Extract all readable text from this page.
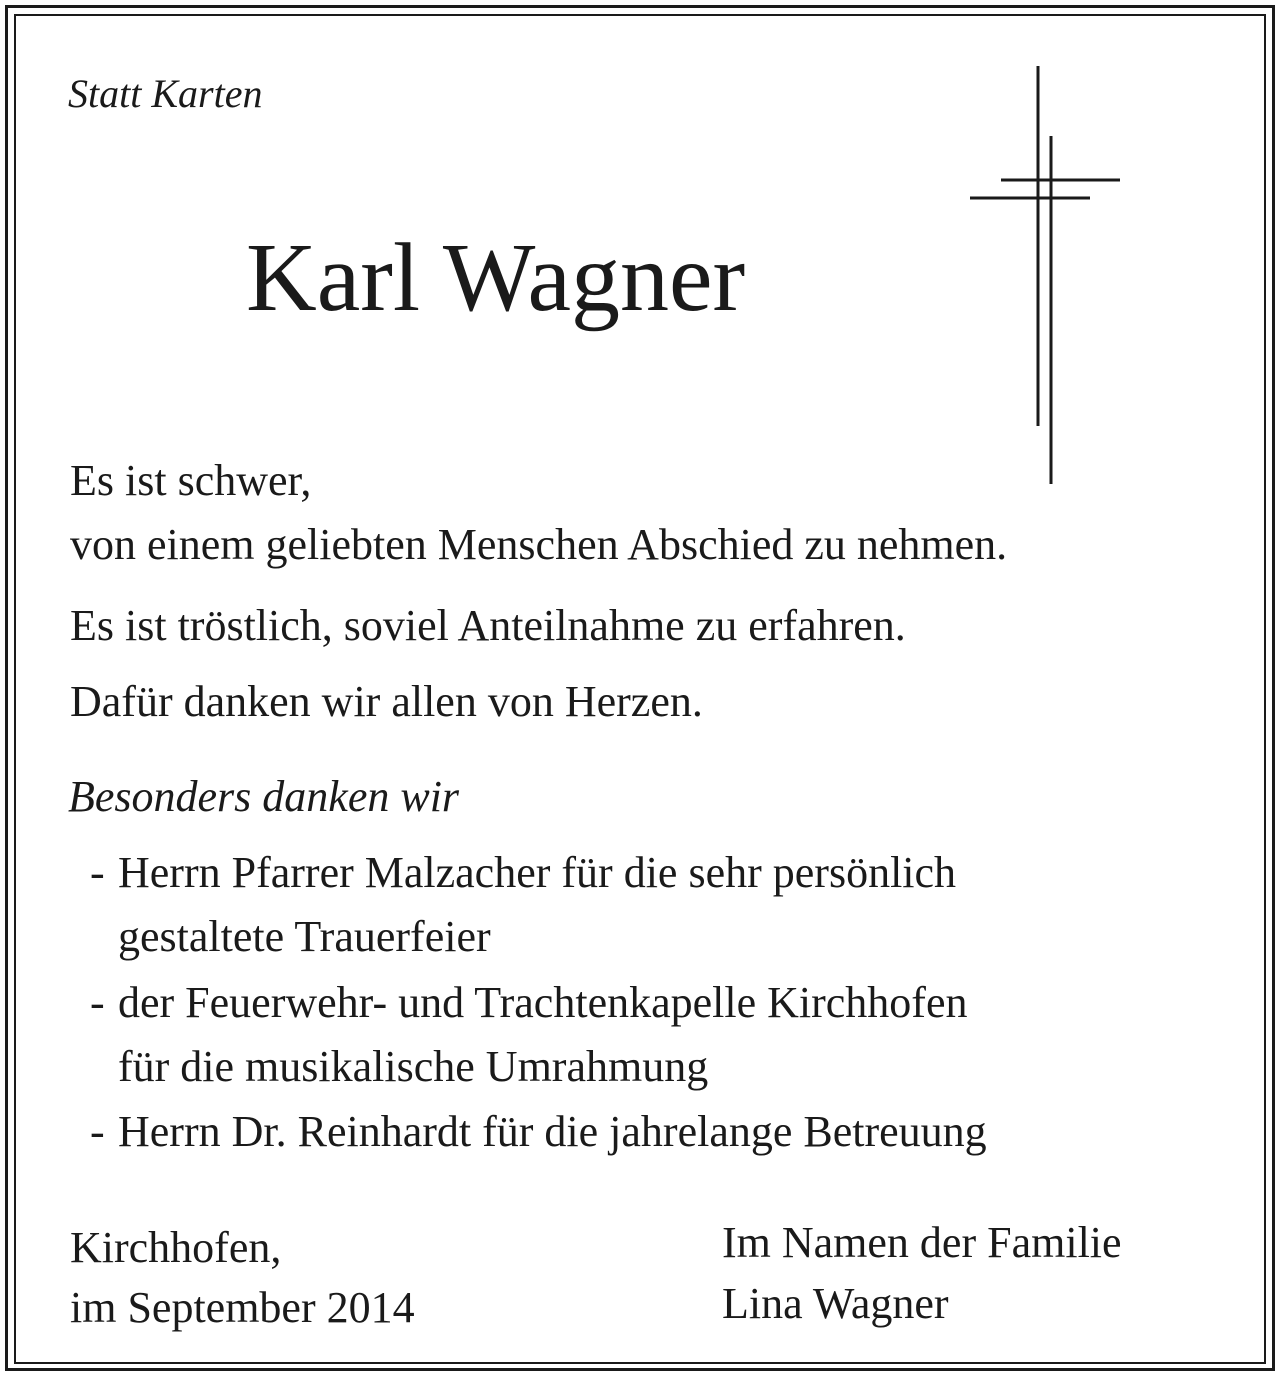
Statt Karten

Karl Wagner

Es ist schwer,

von einem geliebten Menschen Abschied zu nehmen.

Es ist tröstlich, soviel Anteilnahme zu erfahren.

Dafür danken wir allen von Herzen.

Besonders danken wir

- Herrn Pfarrer Malzacher für die sehr persönlich
gestaltete Trauerfeier
- der Feuerwehr- und Trachtenkapelle Kirchhofen
für die musikalische Umrahmung
- Herrn Dr. Reinhardt für die jahrelange Betreuung

Kirchhofen,

im September 2014

Im Namen der Familie

Lina Wagner
